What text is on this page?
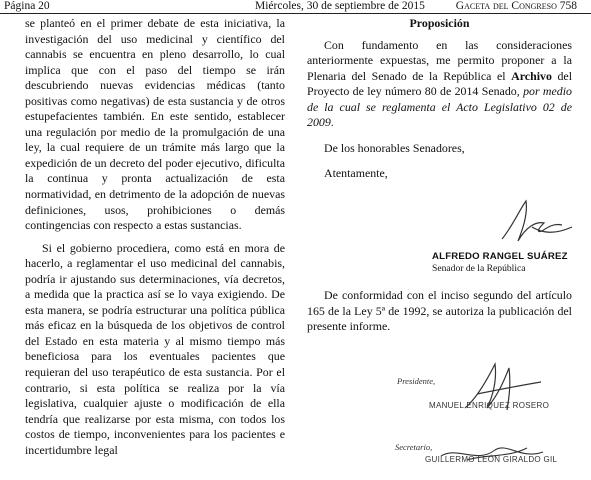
Página 20	Miércoles, 30 de septiembre de 2015	Gaceta del Congreso 758

se planteó en el primer debate de esta iniciativa, la investigación del uso medicinal y científico del cannabis se encuentra en pleno desarrollo, lo cual implica que con el paso del tiempo se irán descubriendo nuevas evidencias médicas (tanto positivas como negativas) de esta sustancia y de otros estupefacientes también. En este sentido, establecer una regulación por medio de la promulgación de una ley, la cual requiere de un trámite más largo que la expedición de un decreto del poder ejecutivo, dificulta la continua y pronta actualización de esta normatividad, en detrimento de la adopción de nuevas definiciones, usos, prohibiciones o demás contingencias con respecto a estas sustancias.

Si el gobierno procediera, como está en mora de hacerlo, a reglamentar el uso medicinal del cannabis, podría ir ajustando sus determinaciones, vía decretos, a medida que la practica así se lo vaya exigiendo. De esta manera, se podría estructurar una política pública más eficaz en la búsqueda de los objetivos de control del Estado en esta materia y al mismo tiempo más beneficiosa para los eventuales pacientes que requieran del uso terapéutico de esta sustancia. Por el contrario, si esta política se realiza por la vía legislativa, cualquier ajuste o modificación de ella tendría que realizarse por esta misma, con todos los costos de tiempo, inconvenientes para los pacientes e incertidumbre legal

Proposición

Con fundamento en las consideraciones anteriormente expuestas, me permito proponer a la Plenaria del Senado de la República el Archivo del Proyecto de ley número 80 de 2014 Senado, por medio de la cual se reglamenta el Acto Legislativo 02 de 2009.

De los honorables Senadores,

Atentamente,

ALFREDO RANGEL SUÁREZ
Senador de la República

De conformidad con el inciso segundo del artículo 165 de la Ley 5ª de 1992, se autoriza la publicación del presente informe.

Presidente,
MANUEL ENRIQUEZ ROSERO
Secretario,
GUILLERMO LEÓN GIRALDO GIL
